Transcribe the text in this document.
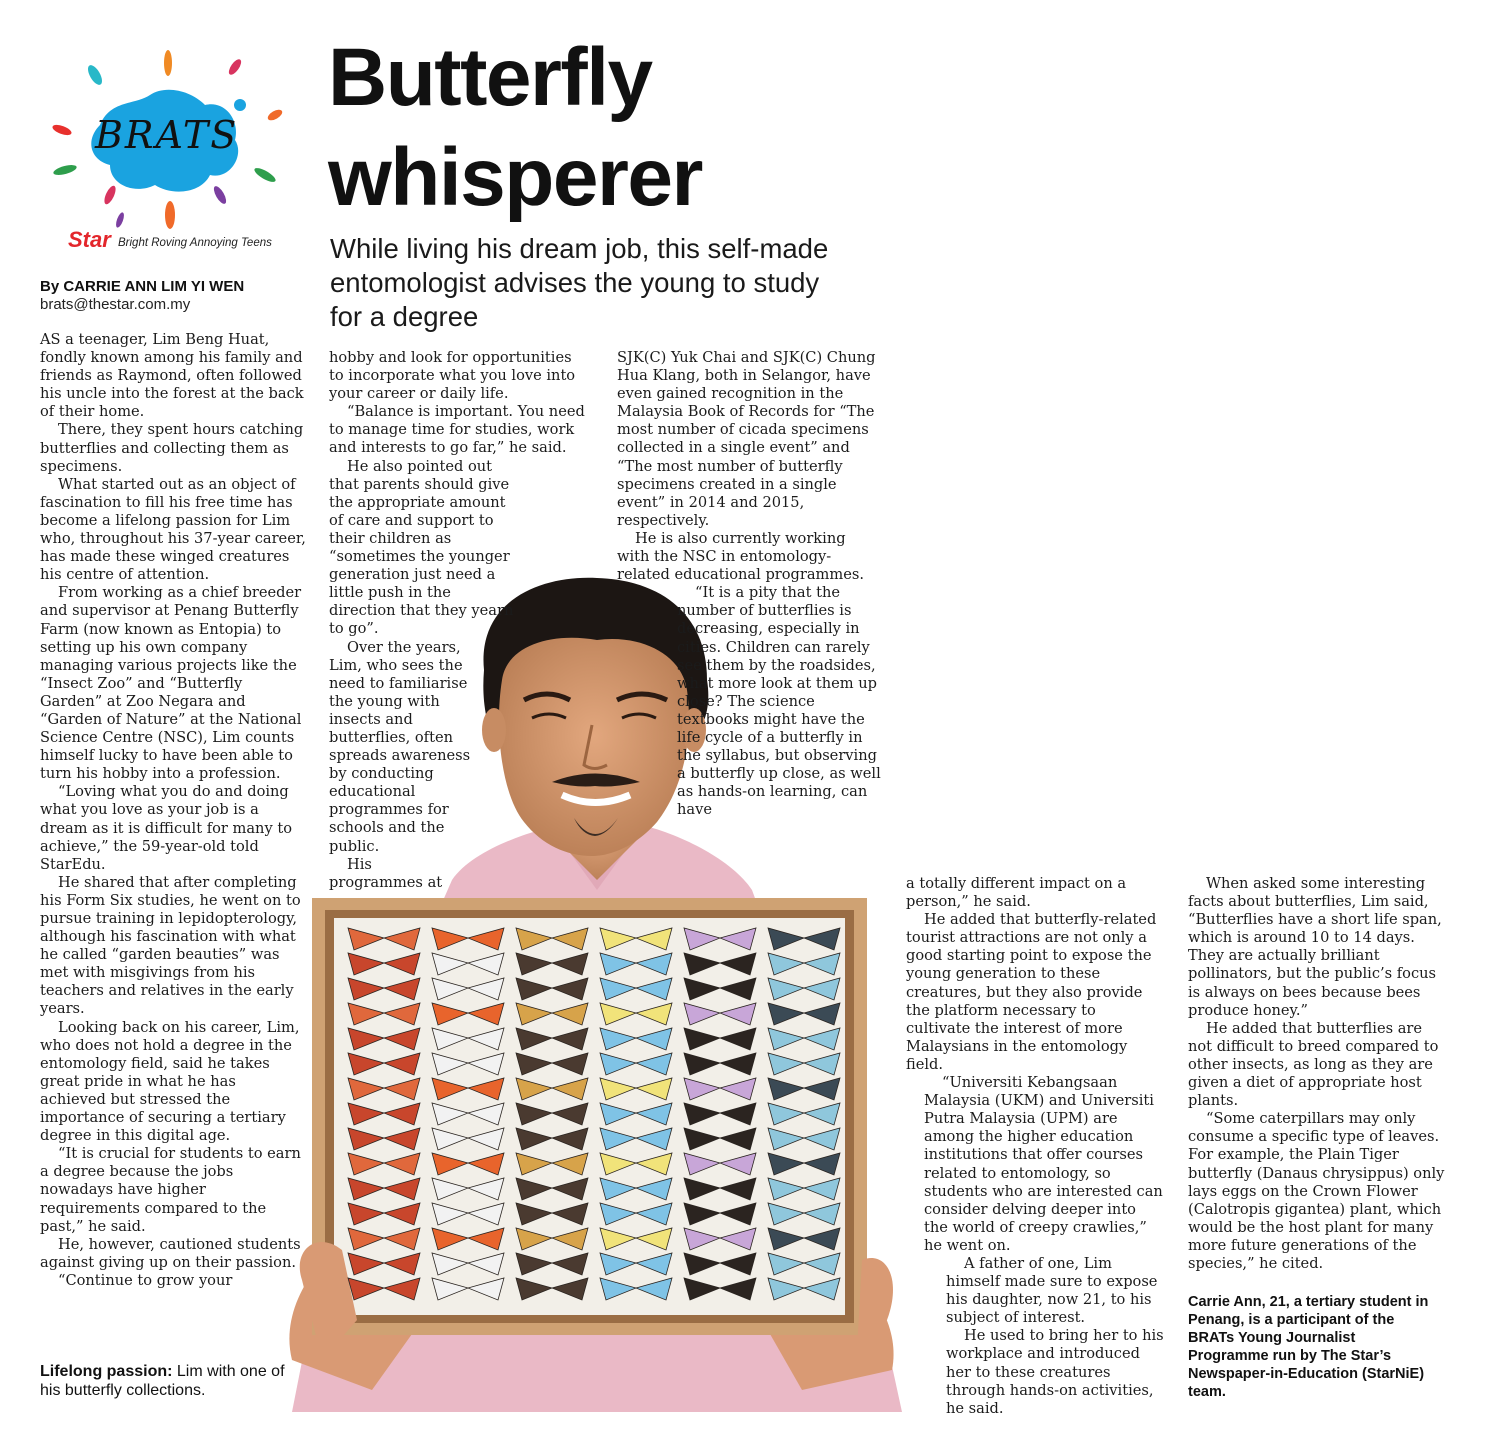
BRATS
Star Bright Roving Annoying Teens
Butterfly
whisperer
While living his dream job, this self-made entomologist advises the young to study for a degree
By CARRIE ANN LIM YI WEN
brats@thestar.com.my

AS a teenager, Lim Beng Huat, fondly known among his family and friends as Raymond, often followed his uncle into the forest at the back of their home.

There, they spent hours catching butterflies and collecting them as specimens.

What started out as an object of fascination to fill his free time has become a lifelong passion for Lim who, throughout his 37-year career, has made these winged creatures his centre of attention.

From working as a chief breeder and supervisor at Penang Butterfly Farm (now known as Entopia) to setting up his own company managing various projects like the “Insect Zoo” and “Butterfly Garden” at Zoo Negara and “Garden of Nature” at the National Science Centre (NSC), Lim counts himself lucky to have been able to turn his hobby into a profession.

“Loving what you do and doing what you love as your job is a dream as it is difficult for many to achieve,” the 59-year-old told StarEdu.

He shared that after completing his Form Six studies, he went on to pursue training in lepidopterology, although his fascination with what he called “garden beauties” was met with misgivings from his teachers and relatives in the early years.

Looking back on his career, Lim, who does not hold a degree in the entomology field, said he takes great pride in what he has achieved but stressed the importance of securing a tertiary degree in this digital age.

“It is crucial for students to earn a degree because the jobs nowadays have higher requirements compared to the past,” he said.

He, however, cautioned students against giving up on their passion.

“Continue to grow your

hobby and look for opportunities to incorporate what you love into your career or daily life.

“Balance is important. You need to manage time for studies, work and interests to go far,” he said.

He also pointed out that parents should give the appropriate amount of care and support to their children as “sometimes the younger generation just need a little push in the direction that they yearn to go”.

Over the years, Lim, who sees the need to familiarise the young with insects and butterflies, often spreads awareness by conducting educational programmes for schools and the public.

His programmes at

SJK(C) Yuk Chai and SJK(C) Chung Hua Klang, both in Selangor, have even gained recognition in the Malaysia Book of Records for “The most number of cicada specimens collected in a single event” and “The most number of butterfly specimens created in a single event” in 2014 and 2015, respectively.

He is also currently working with the NSC in entomology-related educational programmes.

“It is a pity that the number of butterflies is decreasing, especially in cities. Children can rarely see them by the roadsides, what more look at them up close? The science textbooks might have the life cycle of a butterfly in the syllabus, but observing a butterfly up close, as well as hands-on learning, can have

a totally different impact on a person,” he said.

He added that butterfly-related tourist attractions are not only a good starting point to expose the young generation to these creatures, but they also provide the platform necessary to cultivate the interest of more Malaysians in the entomology field.

“Universiti Kebangsaan Malaysia (UKM) and Universiti Putra Malaysia (UPM) are among the higher education institutions that offer courses related to entomology, so students who are interested can consider delving deeper into the world of creepy crawlies,” he went on.

A father of one, Lim himself made sure to expose his daughter, now 21, to his subject of interest.

He used to bring her to his workplace and introduced her to these creatures through hands-on activities, he said.

When asked some interesting facts about butterflies, Lim said, “Butterflies have a short life span, which is around 10 to 14 days. They are actually brilliant pollinators, but the public’s focus is always on bees because bees produce honey.”

He added that butterflies are not difficult to breed compared to other insects, as long as they are given a diet of appropriate host plants.

“Some caterpillars may only consume a specific type of leaves. For example, the Plain Tiger butterfly (Danaus chrysippus) only lays eggs on the Crown Flower (Calotropis gigantea) plant, which would be the host plant for many more future generations of the species,” he cited.

Carrie Ann, 21, a tertiary student in Penang, is a participant of the BRATs Young Journalist Programme run by The Star’s Newspaper-in-Education (StarNiE) team.
Lifelong passion: Lim with one of his butterfly collections.
